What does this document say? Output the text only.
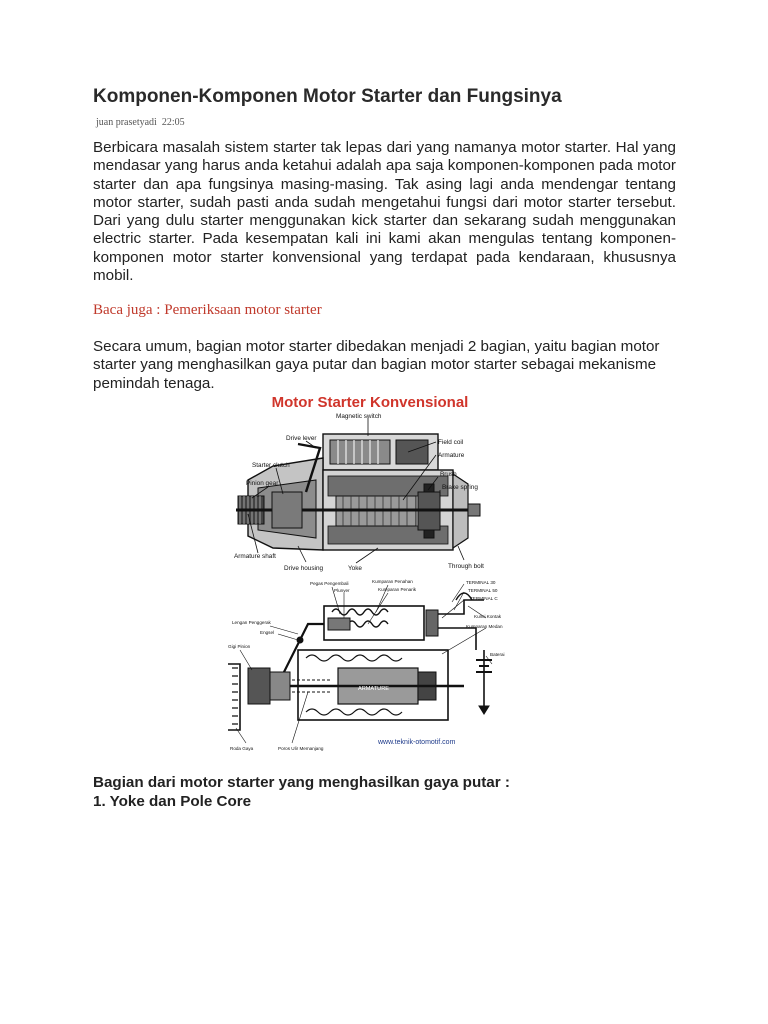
Komponen-Komponen Motor Starter dan Fungsinya
juan prasetyadi 22:05

Berbicara masalah sistem starter tak lepas dari yang namanya motor starter. Hal yang mendasar yang harus anda ketahui adalah apa saja komponen-komponen pada motor starter dan apa fungsinya masing-masing. Tak asing lagi anda mendengar tentang motor starter, sudah pasti anda sudah mengetahui fungsi dari motor starter tersebut. Dari yang dulu starter menggunakan kick starter dan sekarang sudah menggunakan electric starter. Pada kesempatan kali ini kami akan mengulas tentang komponen-komponen motor starter konvensional yang terdapat pada kendaraan, khususnya mobil.

Baca juga : Pemeriksaan motor starter

Secara umum, bagian motor starter dibedakan menjadi 2 bagian, yaitu bagian motor starter yang menghasilkan gaya putar dan bagian motor starter sebagai mekanisme pemindah tenaga.

Motor Starter Konvensional
Magnetic switch
Drive lever
Field coil
Armature
Starter clutch
Brush
Pinion gear
Brake spring
Armature shaft
Drive housing	Yoke	Through bolt
Pegas Pengembali
Plunyer
Kumparan Penahan
Kumparan Penarik
TERMINAL 30
TERMINAL 50
TERMINAL C
Lengan Penggerak
Engsel
Kunci Kontak
Kumparan Medan
Gigi Pinion
Baterai
ARMATURE
Roda Gaya	Poros Ulir Memanjang
www.teknik-otomotif.com
Bagian dari motor starter yang menghasilkan gaya putar :
1. Yoke dan Pole Core
